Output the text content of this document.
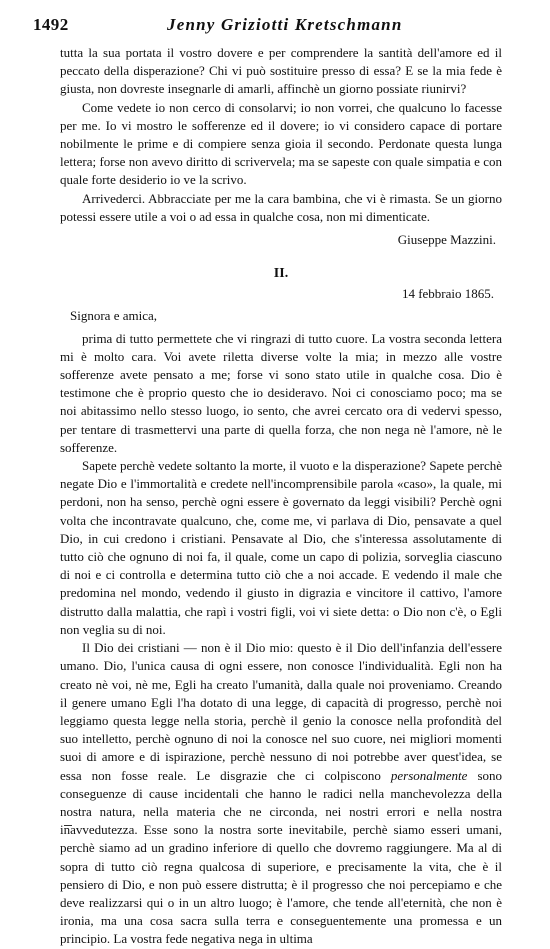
1492	Jenny Griziotti Kretschmann

tutta la sua portata il vostro dovere e per comprendere la santità dell'amore ed il peccato della disperazione? Chi vi può sostituire presso di essa? E se la mia fede è giusta, non dovreste insegnarle di amarli, affinchè un giorno possiate riunirvi?

Come vedete io non cerco di consolarvi; io non vorrei, che qualcuno lo facesse per me. Io vi mostro le sofferenze ed il dovere; io vi considero capace di portare nobilmente le prime e di compiere senza gioia il secondo. Perdonate questa lunga lettera; forse non avevo diritto di scrivervela; ma se sapeste con quale simpatia e con quale forte desiderio io ve la scrivo.

Arrivederci. Abbracciate per me la cara bambina, che vi è rimasta. Se un giorno potessi essere utile a voi o ad essa in qualche cosa, non mi dimenticate.

Giuseppe Mazzini.

II.

14 febbraio 1865.

Signora e amica,

prima di tutto permettete che vi ringrazi di tutto cuore. La vostra seconda lettera mi è molto cara. Voi avete riletta diverse volte la mia; in mezzo alle vostre sofferenze avete pensato a me; forse vi sono stato utile in qualche cosa. Dio è testimone che è proprio questo che io desideravo. Noi ci conosciamo poco; ma se noi abitassimo nello stesso luogo, io sento, che avrei cercato ora di vedervi spesso, per tentare di trasmettervi una parte di quella forza, che non nega nè l'amore, nè le sofferenze.

Sapete perchè vedete soltanto la morte, il vuoto e la disperazione? Sapete perchè negate Dio e l'immortalità e credete nell'incomprensibile parola «caso», la quale, mi perdoni, non ha senso, perchè ogni essere è governato da leggi visibili? Perchè ogni volta che incontravate qualcuno, che, come me, vi parlava di Dio, pensavate a quel Dio, in cui credono i cristiani. Pensavate al Dio, che s'interessa assolutamente di tutto ciò che ognuno di noi fa, il quale, come un capo di polizia, sorveglia ciascuno di noi e ci controlla e determina tutto ciò che a noi accade. E vedendo il male che predomina nel mondo, vedendo il giusto in digrazia e vincitore il cattivo, l'amore distrutto dalla malattia, che rapì i vostri figli, voi vi siete detta: o Dio non c'è, o Egli non veglia su di noi.

Il Dio dei cristiani — non è il Dio mio: questo è il Dio dell'infanzia dell'essere umano. Dio, l'unica causa di ogni essere, non conosce l'individualità. Egli non ha creato nè voi, nè me, Egli ha creato l'umanità, dalla quale noi proveniamo. Creando il genere umano Egli l'ha dotato di una legge, di capacità di progresso, perchè noi leggiamo questa legge nella storia, perchè il genio la conosce nella profondità del suo intelletto, perchè ognuno di noi la conosce nel suo cuore, nei migliori momenti suoi di amore e di ispirazione, perchè nessuno di noi potrebbe aver quest'idea, se essa non fosse reale. Le disgrazie che ci colpiscono personalmente sono conseguenze di cause incidentali che hanno le radici nella manchevolezza della nostra natura, nella materia che ne circonda, nei nostri errori e nella nostra inavvedutezza. Esse sono la nostra sorte inevitabile, perchè siamo esseri umani, perchè siamo ad un gradino inferiore di quello che dovremo raggiungere. Ma al di sopra di tutto ciò regna qualcosa di superiore, e precisamente la vita, che è il pensiero di Dio, e non può essere distrutta; è il progresso che noi percepiamo e che deve realizzarsi qui o in un altro luogo; è l'amore, che tende all'eternità, che non è ironia, ma una cosa sacra sulla terra e conseguentemente una promessa e un principio. La vostra fede negativa nega in ultima
